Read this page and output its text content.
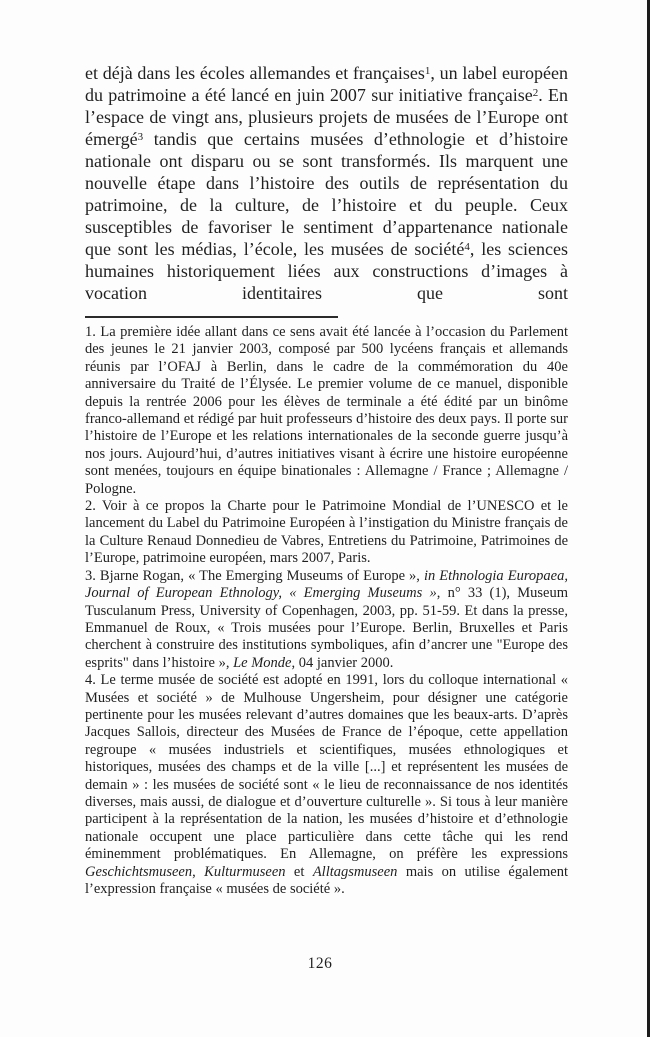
et déjà dans les écoles allemandes et françaises$^1$, un label européen du patrimoine a été lancé en juin 2007 sur initiative française$^2$. En l’espace de vingt ans, plusieurs projets de musées de l’Europe ont émergé$^3$ tandis que certains musées d’ethnologie et d’histoire nationale ont disparu ou se sont transformés. Ils marquent une nouvelle étape dans l’histoire des outils de représentation du patrimoine, de la culture, de l’histoire et du peuple. Ceux susceptibles de favoriser le sentiment d’appartenance nationale que sont les médias, l’école, les musées de société$^4$, les sciences humaines historiquement liées aux constructions d’images à vocation identitaires que sont

1. La première idée allant dans ce sens avait été lancée à l’occasion du Parlement des jeunes le 21 janvier 2003, composé par 500 lycéens français et allemands réunis par l’OFAJ à Berlin, dans le cadre de la commémoration du 40e anniversaire du Traité de l’Élysée. Le premier volume de ce manuel, disponible depuis la rentrée 2006 pour les élèves de terminale a été édité par un binôme franco-allemand et rédigé par huit professeurs d’histoire des deux pays. Il porte sur l’histoire de l’Europe et les relations internationales de la seconde guerre jusqu’à nos jours. Aujourd’hui, d’autres initiatives visant à écrire une histoire européenne sont menées, toujours en équipe binationales : Allemagne / France ; Allemagne / Pologne.

2. Voir à ce propos la Charte pour le Patrimoine Mondial de l’UNESCO et le lancement du Label du Patrimoine Européen à l’instigation du Ministre français de la Culture Renaud Donnedieu de Vabres, Entretiens du Patrimoine, Patrimoines de l’Europe, patrimoine européen, mars 2007, Paris.

3. Bjarne Rogan, « The Emerging Museums of Europe », in Ethnologia Europaea, Journal of European Ethnology, « Emerging Museums », n° 33 (1), Museum Tusculanum Press, University of Copenhagen, 2003, pp. 51-59. Et dans la presse, Emmanuel de Roux, « Trois musées pour l’Europe. Berlin, Bruxelles et Paris cherchent à construire des institutions symboliques, afin d’ancrer une "Europe des esprits" dans l’histoire », Le Monde, 04 janvier 2000.

4. Le terme musée de société est adopté en 1991, lors du colloque international « Musées et société » de Mulhouse Ungersheim, pour désigner une catégorie pertinente pour les musées relevant d’autres domaines que les beaux-arts. D’après Jacques Sallois, directeur des Musées de France de l’époque, cette appellation regroupe « musées industriels et scientifiques, musées ethnologiques et historiques, musées des champs et de la ville [...] et représentent les musées de demain » : les musées de société sont « le lieu de reconnaissance de nos identités diverses, mais aussi, de dialogue et d’ouverture culturelle ». Si tous à leur manière participent à la représentation de la nation, les musées d’histoire et d’ethnologie nationale occupent une place particulière dans cette tâche qui les rend éminemment problématiques. En Allemagne, on préfère les expressions Geschichtsmuseen, Kulturmuseen et Alltagsmuseen mais on utilise également l’expression française « musées de société ».

126
